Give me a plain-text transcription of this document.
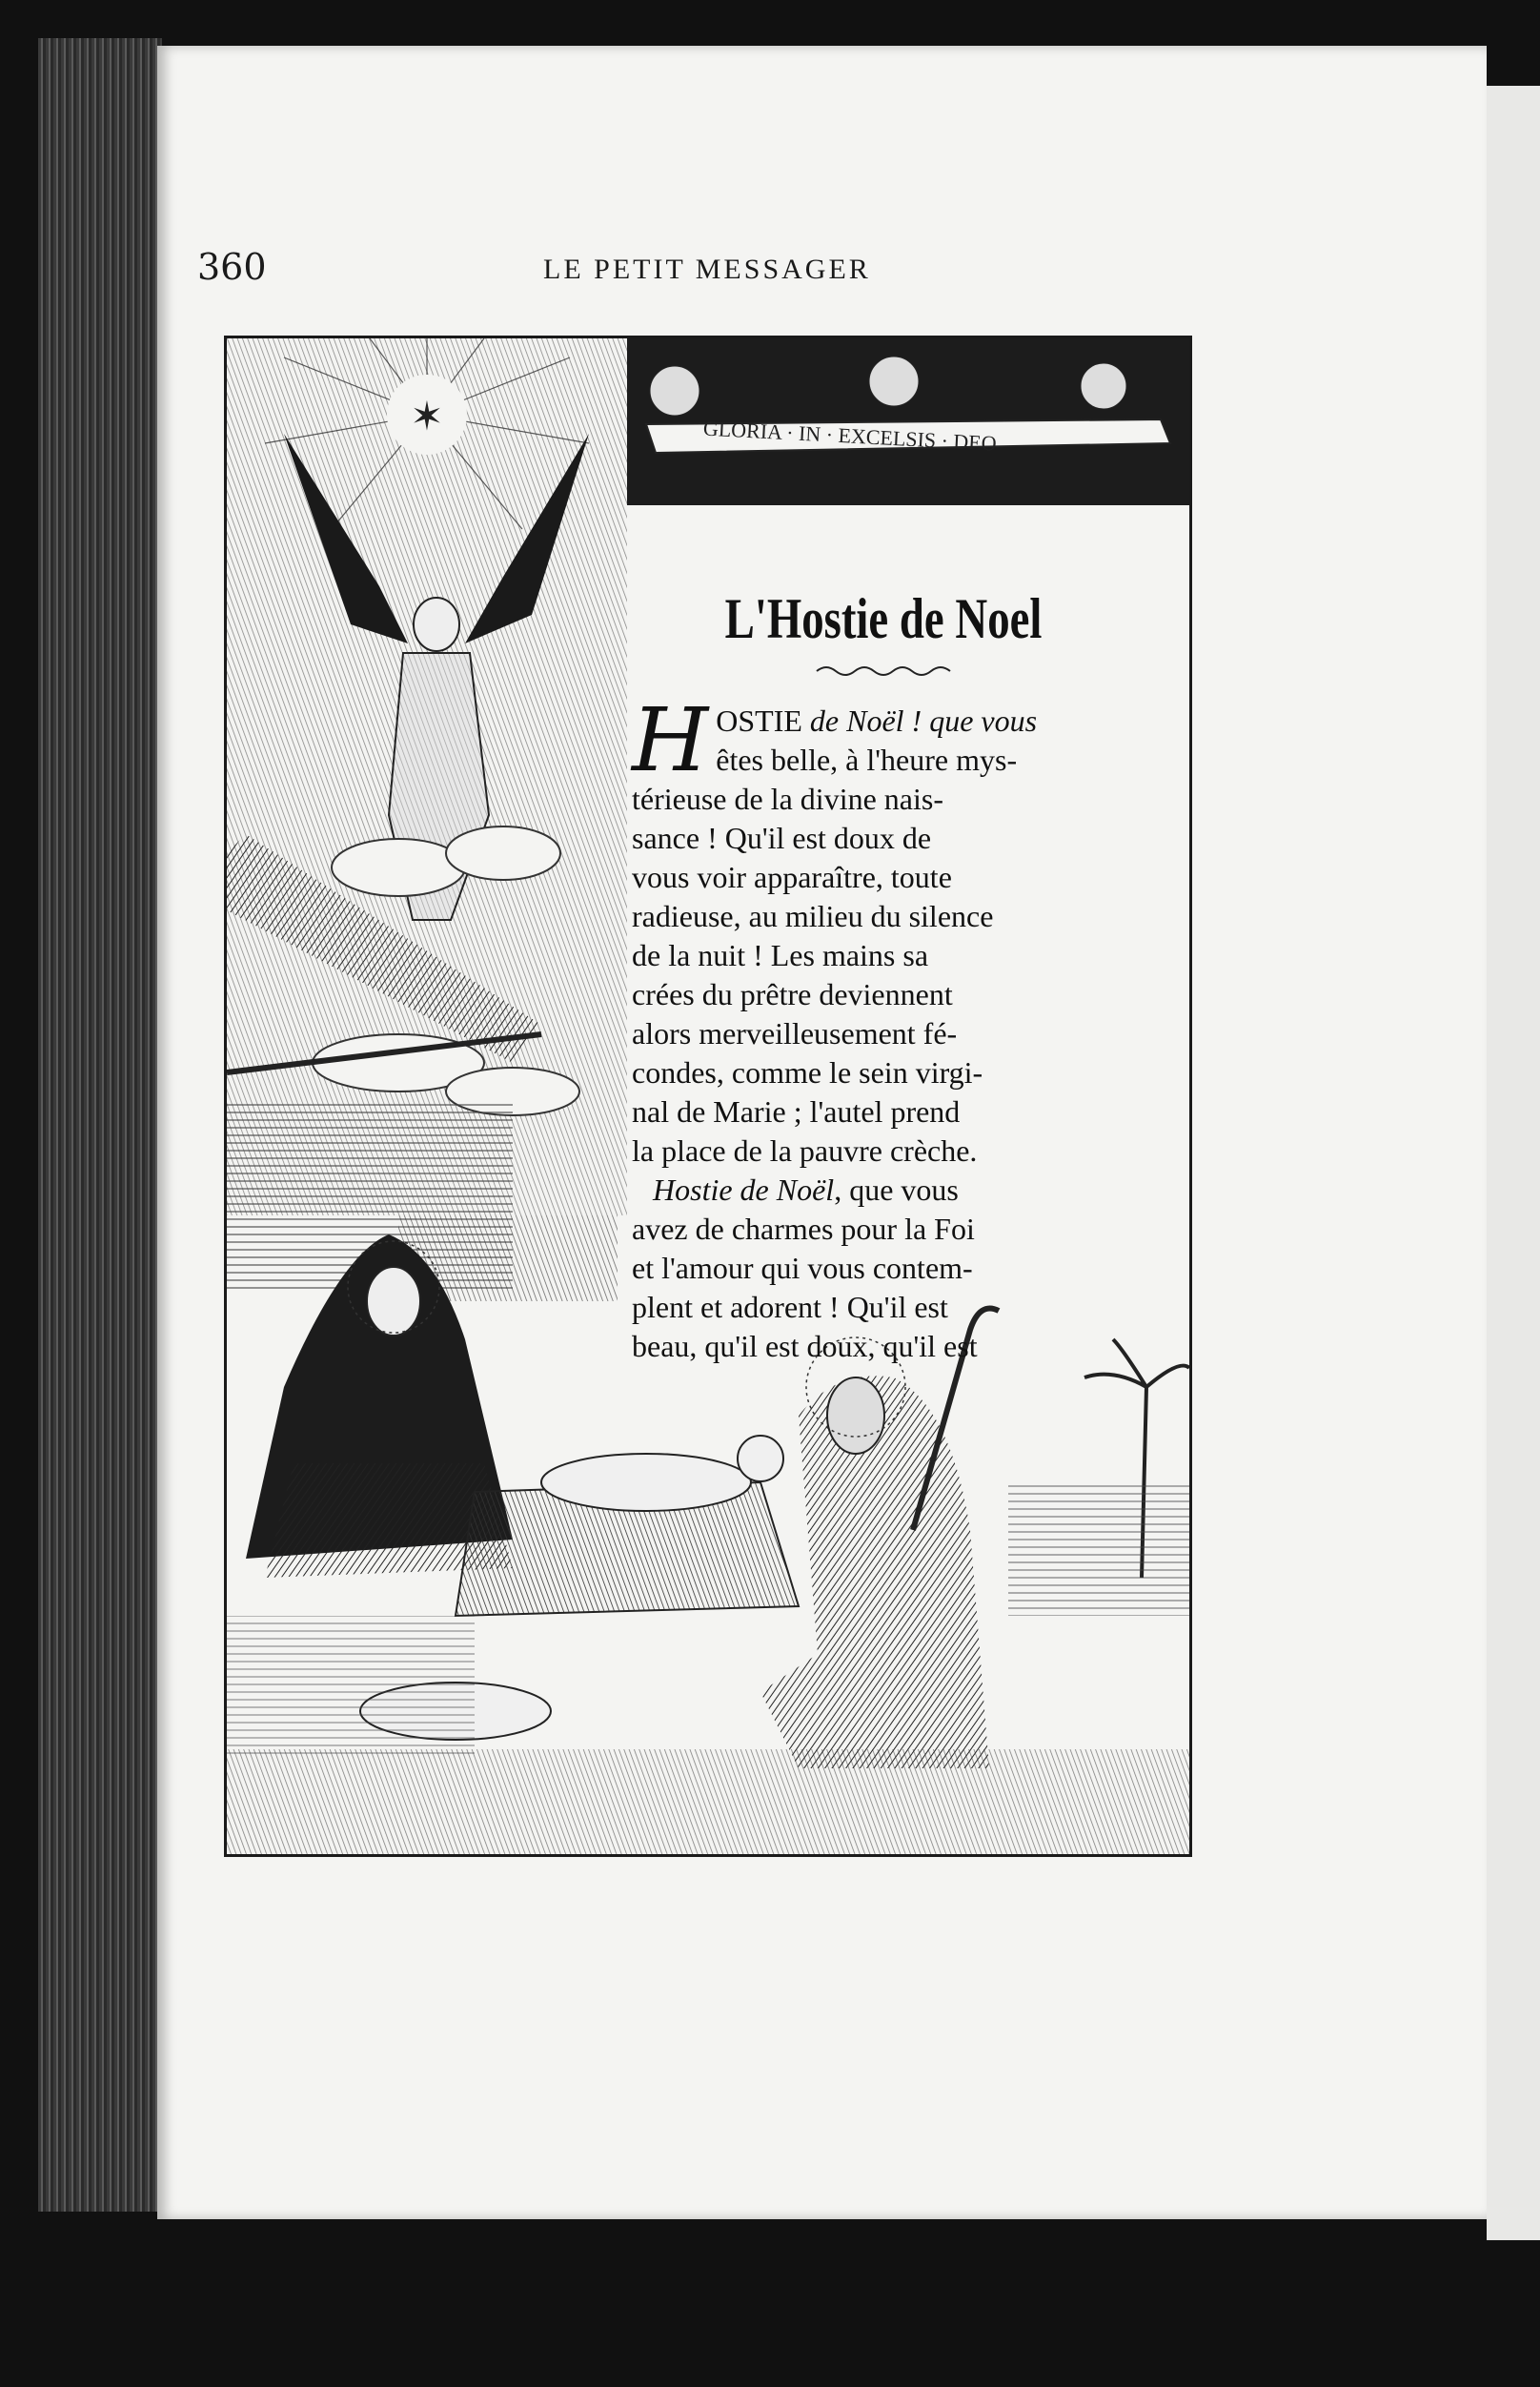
360	LE PETIT MESSAGER
✶	GLORIA · IN · EXCELSIS · DEO
L'Hostie de Noel
HOSTIE de Noël ! que vous
êtes belle, à l'heure mys-
térieuse de la divine nais-
sance ! Qu'il est doux de
vous voir apparaître, toute
radieuse, au milieu du silence
de la nuit ! Les mains sa
crées du prêtre deviennent
alors merveilleusement fé-
condes, comme le sein virgi-
nal de Marie ; l'autel prend
la place de la pauvre crèche.
Hostie de Noël, que vous
avez de charmes pour la Foi
et l'amour qui vous contem-
plent et adorent ! Qu'il est
beau, qu'il est doux, qu'il est
